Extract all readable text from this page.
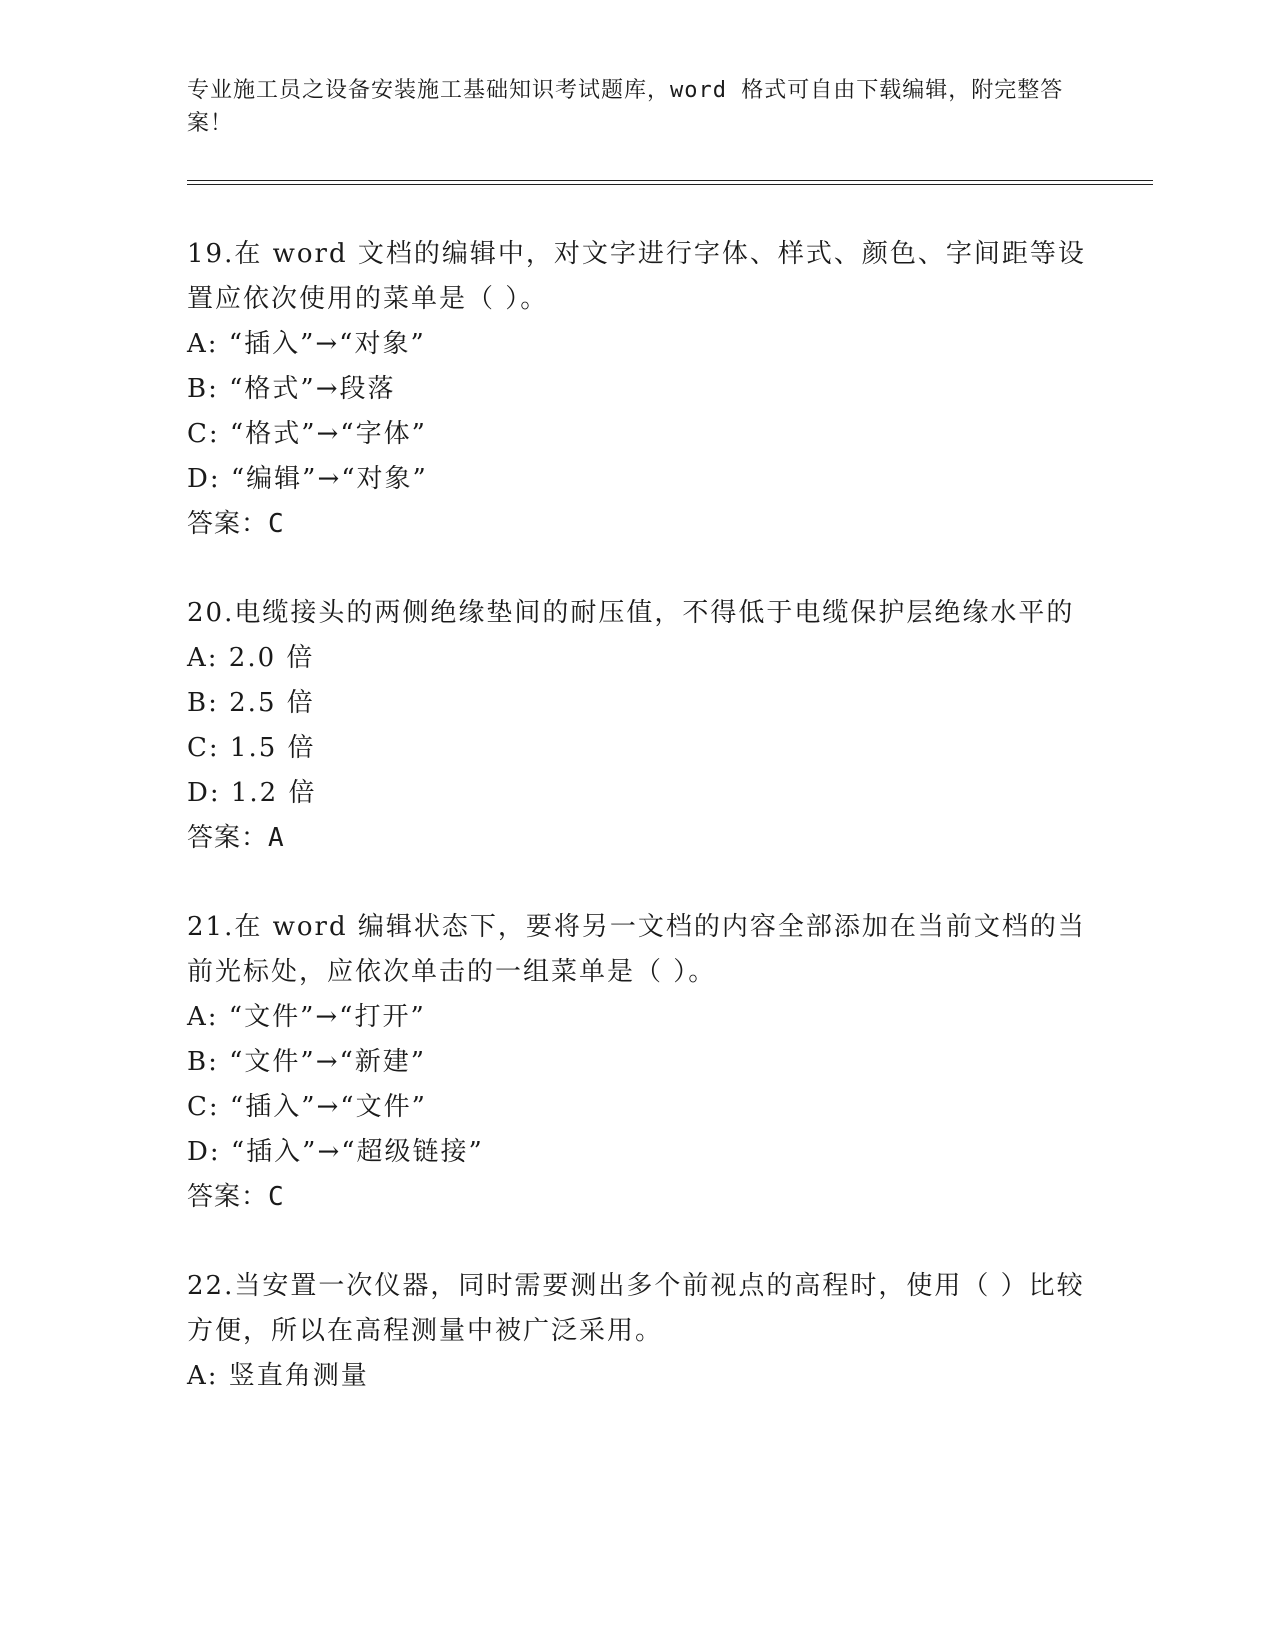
专业施工员之设备安装施工基础知识考试题库，word 格式可自由下载编辑，附完整答案！

19.在 word 文档的编辑中，对文字进行字体、样式、颜色、字间距等设置应依次使用的菜单是（ ）。

A: “插入”→“对象”

B: “格式”→段落

C: “格式”→“字体”

D: “编辑”→“对象”

答案：C

20.电缆接头的两侧绝缘垫间的耐压值，不得低于电缆保护层绝缘水平的

A: 2.0 倍

B: 2.5 倍

C: 1.5 倍

D: 1.2 倍

答案：A

21.在 word 编辑状态下，要将另一文档的内容全部添加在当前文档的当前光标处，应依次单击的一组菜单是（ ）。

A: “文件”→“打开”

B: “文件”→“新建”

C: “插入”→“文件”

D: “插入”→“超级链接”

答案：C

22.当安置一次仪器，同时需要测出多个前视点的高程时，使用（ ）比较方便，所以在高程测量中被广泛采用。

A: 竖直角测量
